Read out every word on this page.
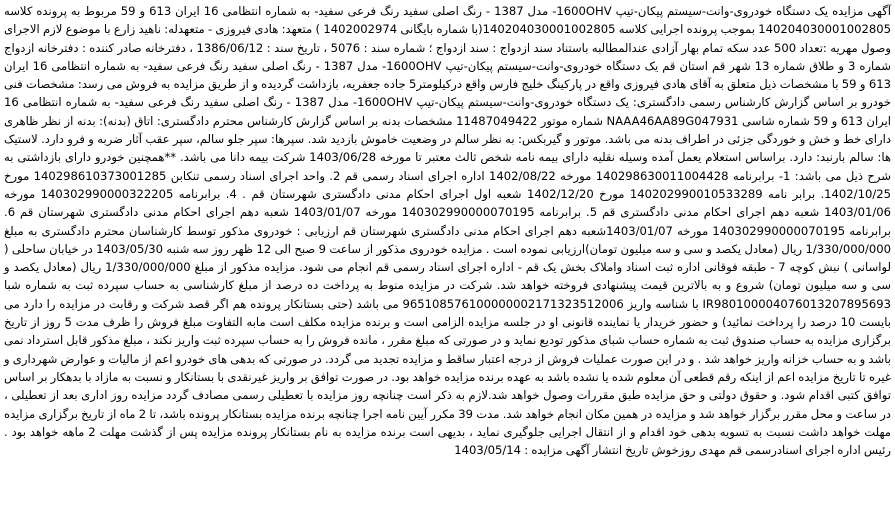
آگهی مزایده یک دستگاه خودروی-وانت-سیستم پیکان-تیپ 1600OHV- مدل 1387 - رنگ اصلی سفید رنگ فرعی سفید- به شماره انتظامی 16 ایران 613 و 59 مربوط به پرونده کلاسه 140204030001002805 بموجب پرونده اجرایی کلاسه 140204030001002805(با شماره بایگانی 1402002974 ) متعهد: هادی فیروزی - متعهدله: ناهید زارع با موضوع لازم الاجرای وصول مهریه :تعداد 500 عدد سکه تمام بهار آزادی عندالمطالبه باستناد سند ازدواج : سند ازدواج ؛ شماره سند : 5076 ، تاریخ سند : 1386/06/12 ، دفترخانه صادر کننده : دفترخانه ازدواج شماره 3 و طلاق شماره 13 شهر قم استان قم یک دستگاه خودروی-وانت-سیستم پیکان-تیپ 1600OHV- مدل 1387 - رنگ اصلی سفید رنگ فرعی سفید- به شماره انتظامی 16 ایران 613 و 59 با مشخصات ذیل متعلق به آقای هادی فیروزی واقع در پارکینگ خلیج فارس واقع درکیلومتر5 جاده جعفریه، بازداشت گردیده و از طریق مزایده به فروش می رسد: مشخصات فنی خودرو بر اساس گزارش کارشناس رسمی دادگستری: یک دستگاه خودروی-وانت-سیستم پیکان-تیپ 1600OHV- مدل 1387 - رنگ اصلی سفید رنگ فرعی سفید- به شماره انتظامی 16 ایران 613 و 59 شماره شاسی NAAA46AA89G047931 شماره موتور 11487049422 مشخصات بدنه بر اساس گزارش کارشناس محترم دادگستری: اتاق (بدنه): بدنه از نظر ظاهری دارای خط و خش و خوردگی جزئی در اطراف بدنه می باشد. موتور و گیربکس: به نظر سالم در وضعیت خاموش بازدید شد. سپرها: سپر جلو سالم، سپر عقب آثار ضربه و فرو دارد. لاستیک ها: سالم بارنبد: دارد. براساس استعلام یعمل آمده وسیله نقلیه دارای بیمه نامه شخص ثالث معتبر تا مورخه 1403/06/28 شرکت بیمه دانا می باشد. **همچنین خودرو دارای بازداشتی به شرح ذیل می باشد: 1- برابرنامه 140298630011004428 مورخه 1402/08/22 اداره اجرای اسناد رسمی قم 2. واحد اجرای اسناد رسمی تنکابن 140298610373001285 مورخ 1402/10/25. برابر نامه 140202990010533289 مورخ 1402/12/20 شعبه اول اجرای احکام مدنی دادگستری شهرستان قم . 4. برابرنامه 140302990000322205 مورخه 1403/01/06 شعبه دهم اجرای احکام مدنی دادگستری قم 5. برابرنامه 140302990000070195 مورخه 1403/01/07 شعبه دهم اجرای احکام مدنی دادگستری شهرستان قم 6. برابرنامه 140302990000070195 مورخه 1403/01/07شعبه دهم اجرای احکام مدنی دادگستری شهرستان قم ارزیابی : خودروی مذکور توسط کارشناسان محترم دادگستری به مبلغ 1/330/000/000 ریال (معادل یکصد و سی و سه میلیون تومان)ارزیابی نموده است . مزایده خودروی مذکور از ساعت 9 صبح الی 12 ظهر روز سه شنبه 1403/05/30 در خیابان ساحلی ( لواسانی ) نبش کوچه 7 - طبقه فوقانی اداره ثبت اسناد واملاک بخش یک قم - اداره اجرای اسناد رسمی قم انجام می شود. مزایده مذکور از مبلغ 1/330/000/000 ریال (معادل یکصد و سی و سه میلیون تومان) شروع و به بالاترین قیمت پیشنهادی فروخته خواهد شد. شرکت در مزایده منوط به پرداخت ده درصد از مبلغ کارشناسی به حساب سپرده ثبت به شماره شبا IR980100004076013207895693 با شناسه واریز 965108576100000002171323512006 می باشد (حتی بستانکار پرونده هم اگر قصد شرکت و رقابت در مزایده را دارد می بایست 10 درصد را پرداخت نمائید) و حضور خریدار یا نماینده قانونی او در جلسه مزایده الزامی است و برنده مزایده مکلف است مابه التفاوت مبلغ فروش را ظرف مدت 5 روز از تاریخ برگزاری مزایده به حساب صندوق ثبت به شماره حساب شبای مذکور تودیع نماید و در صورتی که مبلغ مقرر ، مانده فروش را به حساب سپرده ثبت واریز نکند ، مبلغ مذکور قابل استرداد نمی باشد و به حساب خزانه واریز خواهد شد . و در این صورت عملیات فروش از درجه اعتبار ساقط و مزایده تجدید می گردد. در صورتی که بدهی های خودرو اعم از مالیات و عوارض شهرداری و غیره تا تاریخ مزایده اعم از اینکه رقم قطعی آن معلوم شده یا نشده باشد به عهده برنده مزایده خواهد بود. در صورت توافق بر واریز غیرنقدی با بستانکار و نسبت به مازاد با بدهکار بر اساس توافق کتبی اقدام شود. و حقوق دولتی و حق مزایده طبق مقررات وصول خواهد شد.لازم به ذکر است چنانچه روز مزایده با تعطیلی رسمی مصادف گردد مزایده روز اداری بعد از تعطیلی ، در ساعت و محل مقرر برگزار خواهد شد و مزایده در همین مکان انجام خواهد شد. مدت 39 مکرر آیین نامه اجرا چنانچه برنده مزایده بستانکار پرونده باشد، تا 2 ماه از تاریخ برگزاری مزایده مهلت خواهد داشت نسبت به تسویه بدهی خود اقدام و از انتقال اجرایی جلوگیری نماید ، بدیهی است برنده مزایده به نام بستانکار پرونده مزایده پس از گذشت مهلت 2 ماهه خواهد بود . رئیس اداره اجرای اسنادرسمی قم مهدی روزخوش تاریخ انتشار آگهی مزایده : 1403/05/14
